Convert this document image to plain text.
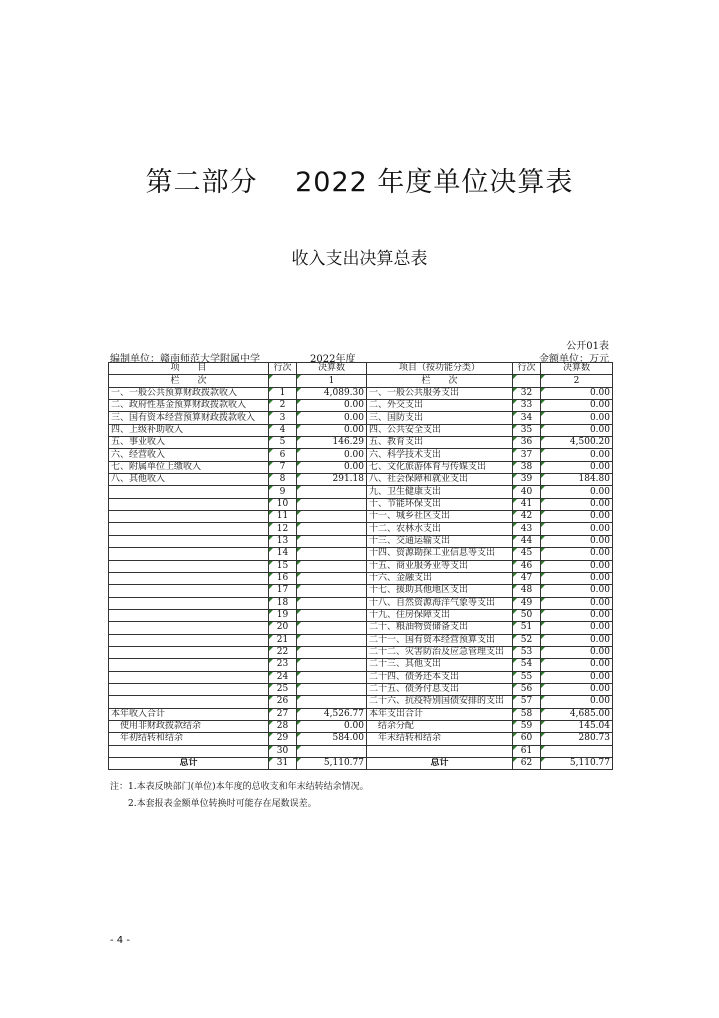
第二部分　 2022 年度单位决算表
收入支出决算总表
公开01表
编制单位：赣南师范大学附属中学	2022年度	金额单位：万元
项　　目	行次	决算数	项目（按功能分类）	行次	决算数
栏　　次		1	栏　　次		2
一、一般公共预算财政拨款收入	1	4,089.30	一、一般公共服务支出	32	0.00
二、政府性基金预算财政拨款收入	2	0.00	二、外交支出	33	0.00
三、国有资本经营预算财政拨款收入	3	0.00	三、国防支出	34	0.00
四、上级补助收入	4	0.00	四、公共安全支出	35	0.00
五、事业收入	5	146.29	五、教育支出	36	4,500.20
六、经营收入	6	0.00	六、科学技术支出	37	0.00
七、附属单位上缴收入	7	0.00	七、文化旅游体育与传媒支出	38	0.00
八、其他收入	8	291.18	八、社会保障和就业支出	39	184.80
	9		九、卫生健康支出	40	0.00
	10		十、节能环保支出	41	0.00
	11		十一、城乡社区支出	42	0.00
	12		十二、农林水支出	43	0.00
	13		十三、交通运输支出	44	0.00
	14		十四、资源勘探工业信息等支出	45	0.00
	15		十五、商业服务业等支出	46	0.00
	16		十六、金融支出	47	0.00
	17		十七、援助其他地区支出	48	0.00
	18		十八、自然资源海洋气象等支出	49	0.00
	19		十九、住房保障支出	50	0.00
	20		二十、粮油物资储备支出	51	0.00
	21		二十一、国有资本经营预算支出	52	0.00
	22		二十二、灾害防治及应急管理支出	53	0.00
	23		二十三、其他支出	54	0.00
	24		二十四、债务还本支出	55	0.00
	25		二十五、债务付息支出	56	0.00
	26		二十六、抗疫特别国债安排的支出	57	0.00
本年收入合计	27	4,526.77	本年支出合计	58	4,685.00
　使用非财政拨款结余	28	0.00	　结余分配	59	145.04
　年初结转和结余	29	584.00	　年末结转和结余	60	280.73
	30			61	
总计	31	5,110.77	总计	62	5,110.77
注：1.本表反映部门(单位)本年度的总收支和年末结转结余情况。
2.本套报表金额单位转换时可能存在尾数误差。
- 4 -
